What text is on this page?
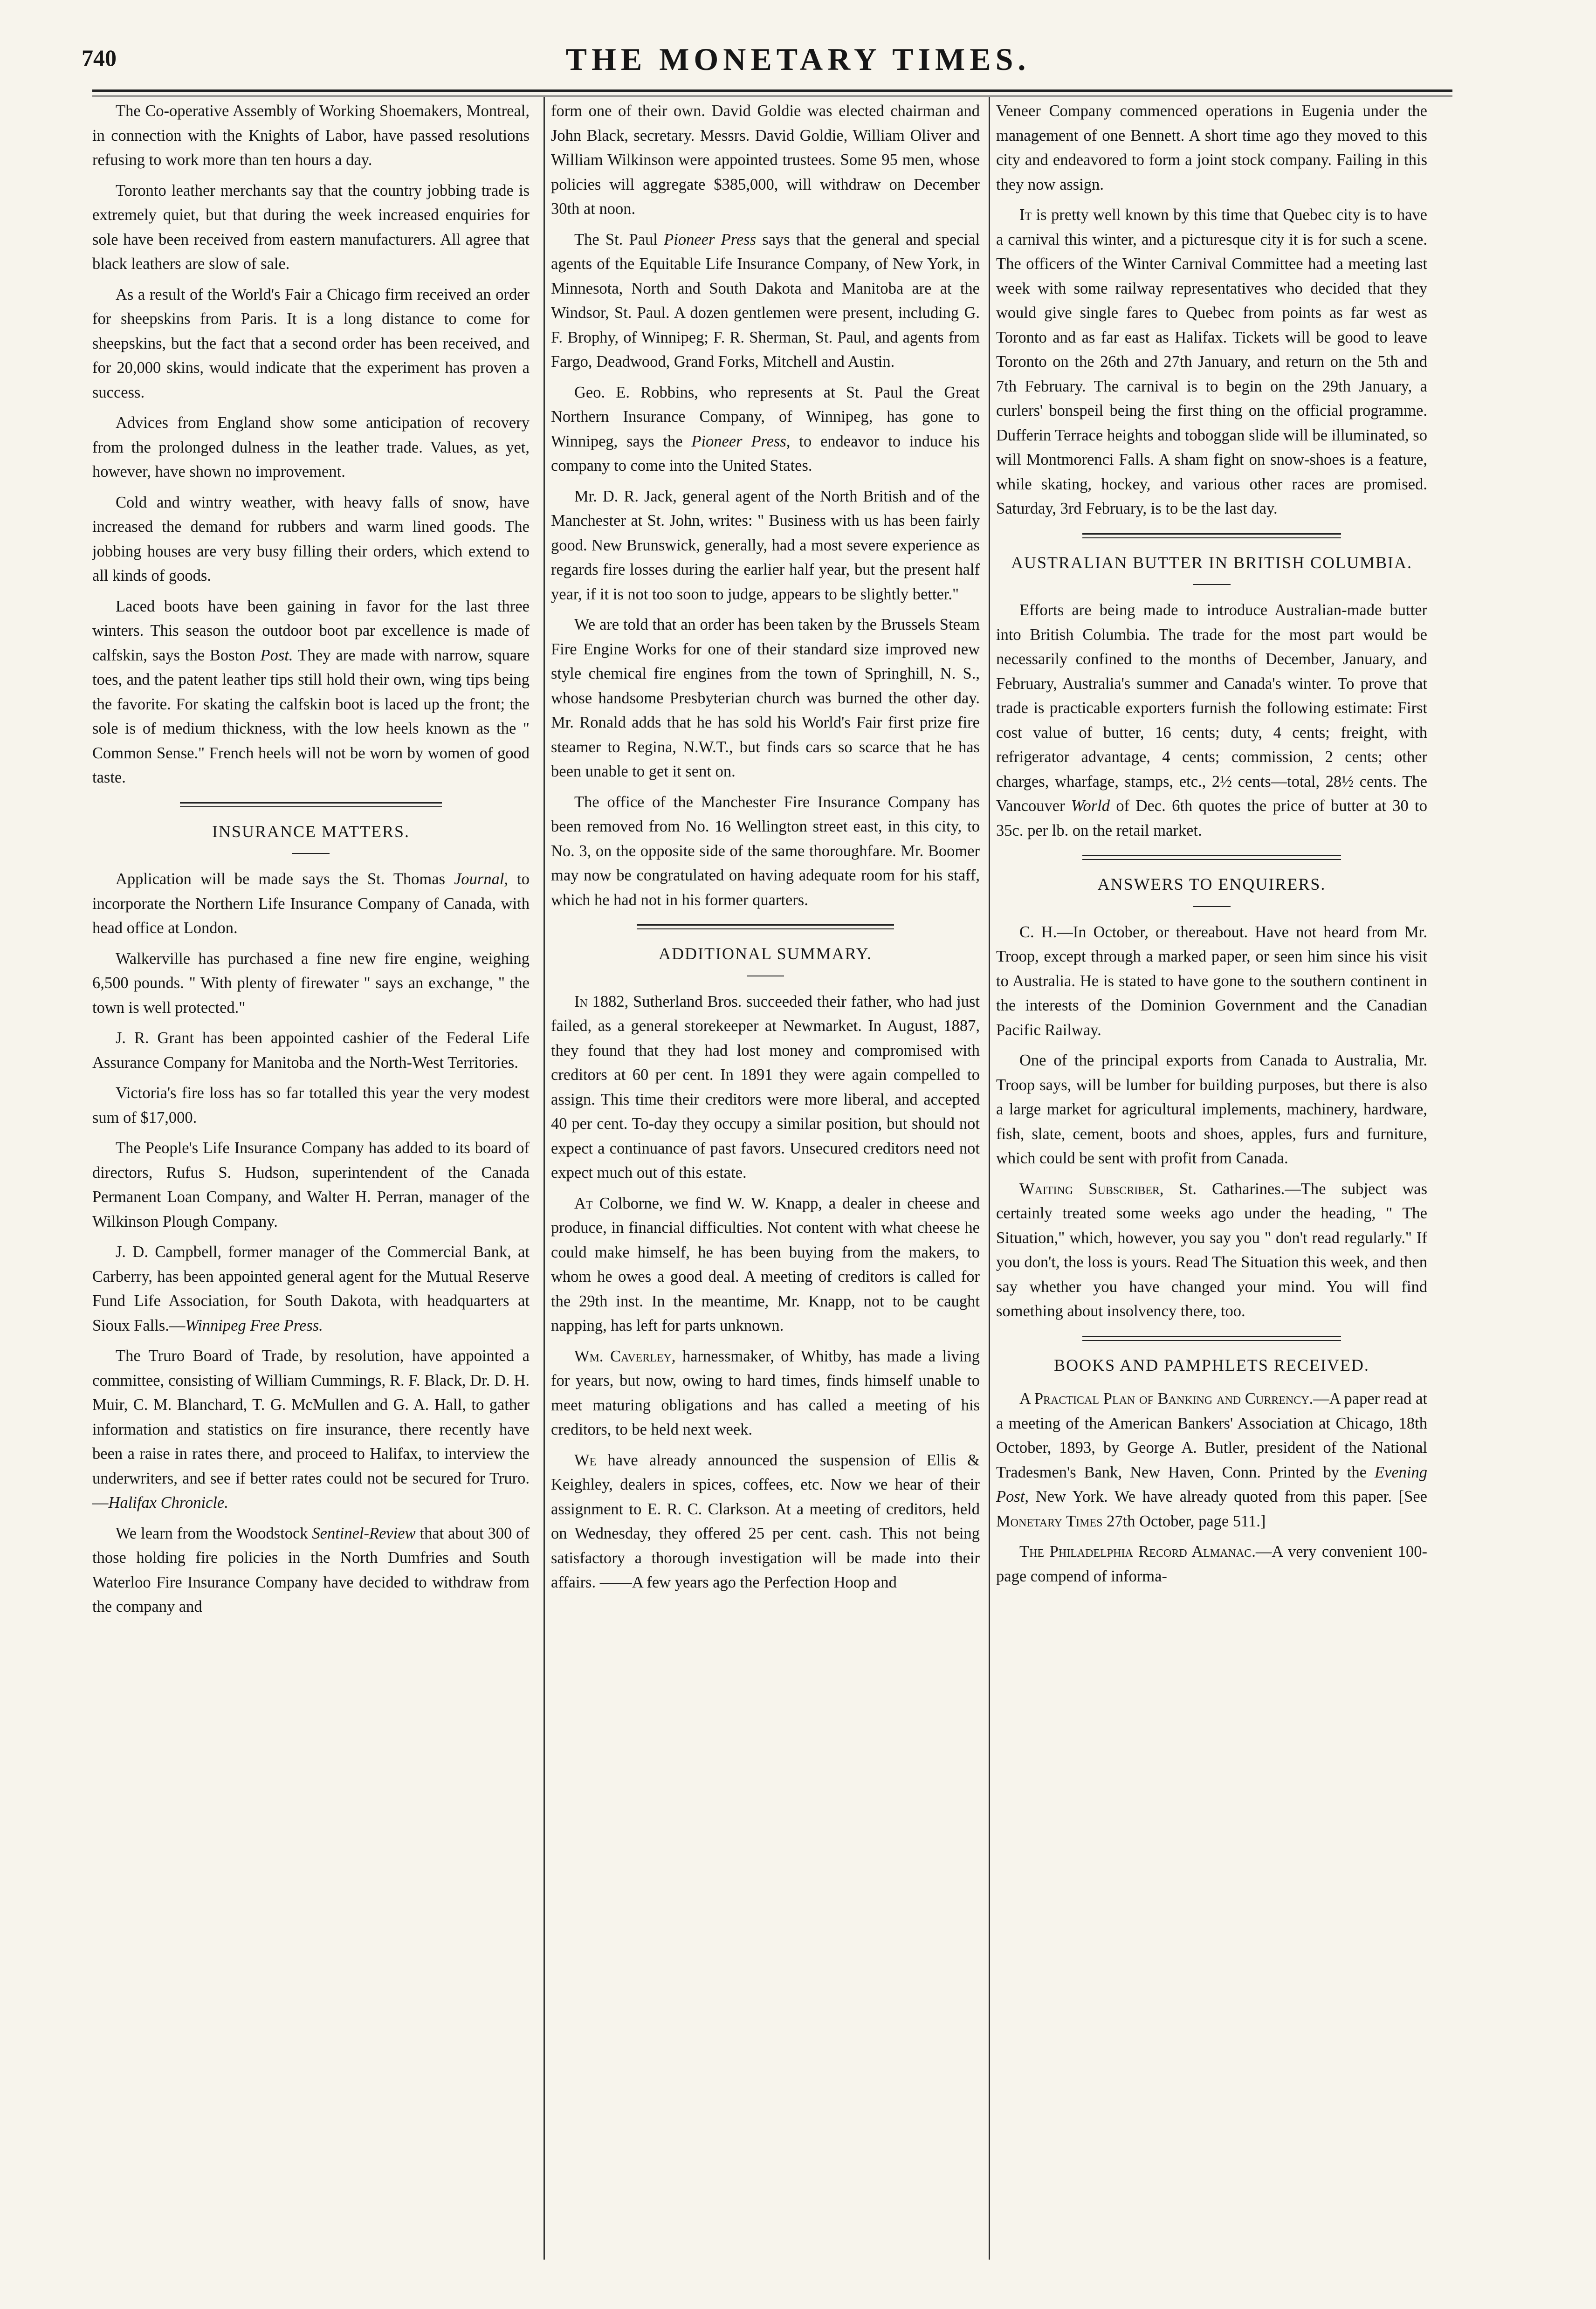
740	THE MONETARY TIMES.

The Co-operative Assembly of Working Shoemakers, Montreal, in connection with the Knights of Labor, have passed resolutions refusing to work more than ten hours a day.

Toronto leather merchants say that the country jobbing trade is extremely quiet, but that during the week increased enquiries for sole have been received from eastern manufacturers. All agree that black leathers are slow of sale.

As a result of the World's Fair a Chicago firm received an order for sheepskins from Paris. It is a long distance to come for sheepskins, but the fact that a second order has been received, and for 20,000 skins, would indicate that the experiment has proven a success.

Advices from England show some anticipation of recovery from the prolonged dulness in the leather trade. Values, as yet, however, have shown no improvement.

Cold and wintry weather, with heavy falls of snow, have increased the demand for rubbers and warm lined goods. The jobbing houses are very busy filling their orders, which extend to all kinds of goods.

Laced boots have been gaining in favor for the last three winters. This season the outdoor boot par excellence is made of calfskin, says the Boston Post. They are made with narrow, square toes, and the patent leather tips still hold their own, wing tips being the favorite. For skating the calfskin boot is laced up the front; the sole is of medium thickness, with the low heels known as the " Common Sense." French heels will not be worn by women of good taste.

INSURANCE MATTERS.

Application will be made says the St. Thomas Journal, to incorporate the Northern Life Insurance Company of Canada, with head office at London.

Walkerville has purchased a fine new fire engine, weighing 6,500 pounds. " With plenty of firewater " says an exchange, " the town is well protected."

J. R. Grant has been appointed cashier of the Federal Life Assurance Company for Manitoba and the North-West Territories.

Victoria's fire loss has so far totalled this year the very modest sum of $17,000.

The People's Life Insurance Company has added to its board of directors, Rufus S. Hudson, superintendent of the Canada Permanent Loan Company, and Walter H. Perran, manager of the Wilkinson Plough Company.

J. D. Campbell, former manager of the Commercial Bank, at Carberry, has been appointed general agent for the Mutual Reserve Fund Life Association, for South Dakota, with headquarters at Sioux Falls.—Winnipeg Free Press.

The Truro Board of Trade, by resolution, have appointed a committee, consisting of William Cummings, R. F. Black, Dr. D. H. Muir, C. M. Blanchard, T. G. McMullen and G. A. Hall, to gather information and statistics on fire insurance, there recently have been a raise in rates there, and proceed to Halifax, to interview the underwriters, and see if better rates could not be secured for Truro.—Halifax Chronicle.

We learn from the Woodstock Sentinel-Review that about 300 of those holding fire policies in the North Dumfries and South Waterloo Fire Insurance Company have decided to withdraw from the company and

form one of their own. David Goldie was elected chairman and John Black, secretary. Messrs. David Goldie, William Oliver and William Wilkinson were appointed trustees. Some 95 men, whose policies will aggregate $385,000, will withdraw on December 30th at noon.

The St. Paul Pioneer Press says that the general and special agents of the Equitable Life Insurance Company, of New York, in Minnesota, North and South Dakota and Manitoba are at the Windsor, St. Paul. A dozen gentlemen were present, including G. F. Brophy, of Winnipeg; F. R. Sherman, St. Paul, and agents from Fargo, Deadwood, Grand Forks, Mitchell and Austin.

Geo. E. Robbins, who represents at St. Paul the Great Northern Insurance Company, of Winnipeg, has gone to Winnipeg, says the Pioneer Press, to endeavor to induce his company to come into the United States.

Mr. D. R. Jack, general agent of the North British and of the Manchester at St. John, writes: " Business with us has been fairly good. New Brunswick, generally, had a most severe experience as regards fire losses during the earlier half year, but the present half year, if it is not too soon to judge, appears to be slightly better."

We are told that an order has been taken by the Brussels Steam Fire Engine Works for one of their standard size improved new style chemical fire engines from the town of Springhill, N. S., whose handsome Presbyterian church was burned the other day. Mr. Ronald adds that he has sold his World's Fair first prize fire steamer to Regina, N.W.T., but finds cars so scarce that he has been unable to get it sent on.

The office of the Manchester Fire Insurance Company has been removed from No. 16 Wellington street east, in this city, to No. 3, on the opposite side of the same thoroughfare. Mr. Boomer may now be congratulated on having adequate room for his staff, which he had not in his former quarters.

ADDITIONAL SUMMARY.

In 1882, Sutherland Bros. succeeded their father, who had just failed, as a general storekeeper at Newmarket. In August, 1887, they found that they had lost money and compromised with creditors at 60 per cent. In 1891 they were again compelled to assign. This time their creditors were more liberal, and accepted 40 per cent. To-day they occupy a similar position, but should not expect a continuance of past favors. Unsecured creditors need not expect much out of this estate.

At Colborne, we find W. W. Knapp, a dealer in cheese and produce, in financial difficulties. Not content with what cheese he could make himself, he has been buying from the makers, to whom he owes a good deal. A meeting of creditors is called for the 29th inst. In the meantime, Mr. Knapp, not to be caught napping, has left for parts unknown.

Wm. Caverley, harnessmaker, of Whitby, has made a living for years, but now, owing to hard times, finds himself unable to meet maturing obligations and has called a meeting of his creditors, to be held next week.

We have already announced the suspension of Ellis & Keighley, dealers in spices, coffees, etc. Now we hear of their assignment to E. R. C. Clarkson. At a meeting of creditors, held on Wednesday, they offered 25 per cent. cash. This not being satisfactory a thorough investigation will be made into their affairs. ——A few years ago the Perfection Hoop and

Veneer Company commenced operations in Eugenia under the management of one Bennett. A short time ago they moved to this city and endeavored to form a joint stock company. Failing in this they now assign.

It is pretty well known by this time that Quebec city is to have a carnival this winter, and a picturesque city it is for such a scene. The officers of the Winter Carnival Committee had a meeting last week with some railway representatives who decided that they would give single fares to Quebec from points as far west as Toronto and as far east as Halifax. Tickets will be good to leave Toronto on the 26th and 27th January, and return on the 5th and 7th February. The carnival is to begin on the 29th January, a curlers' bonspeil being the first thing on the official programme. Dufferin Terrace heights and toboggan slide will be illuminated, so will Montmorenci Falls. A sham fight on snow-shoes is a feature, while skating, hockey, and various other races are promised. Saturday, 3rd February, is to be the last day.

AUSTRALIAN BUTTER IN BRITISH COLUMBIA.

Efforts are being made to introduce Australian-made butter into British Columbia. The trade for the most part would be necessarily confined to the months of December, January, and February, Australia's summer and Canada's winter. To prove that trade is practicable exporters furnish the following estimate: First cost value of butter, 16 cents; duty, 4 cents; freight, with refrigerator advantage, 4 cents; commission, 2 cents; other charges, wharfage, stamps, etc., 2½ cents—total, 28½ cents. The Vancouver World of Dec. 6th quotes the price of butter at 30 to 35c. per lb. on the retail market.

ANSWERS TO ENQUIRERS.

C. H.—In October, or thereabout. Have not heard from Mr. Troop, except through a marked paper, or seen him since his visit to Australia. He is stated to have gone to the southern continent in the interests of the Dominion Government and the Canadian Pacific Railway.

One of the principal exports from Canada to Australia, Mr. Troop says, will be lumber for building purposes, but there is also a large market for agricultural implements, machinery, hardware, fish, slate, cement, boots and shoes, apples, furs and furniture, which could be sent with profit from Canada.

Waiting Subscriber, St. Catharines.—The subject was certainly treated some weeks ago under the heading, " The Situation," which, however, you say you " don't read regularly." If you don't, the loss is yours. Read The Situation this week, and then say whether you have changed your mind. You will find something about insolvency there, too.

BOOKS AND PAMPHLETS RECEIVED.

A Practical Plan of Banking and Currency.—A paper read at a meeting of the American Bankers' Association at Chicago, 18th October, 1893, by George A. Butler, president of the National Tradesmen's Bank, New Haven, Conn. Printed by the Evening Post, New York. We have already quoted from this paper. [See Monetary Times 27th October, page 511.]

The Philadelphia Record Almanac.—A very convenient 100-page compend of informa-
